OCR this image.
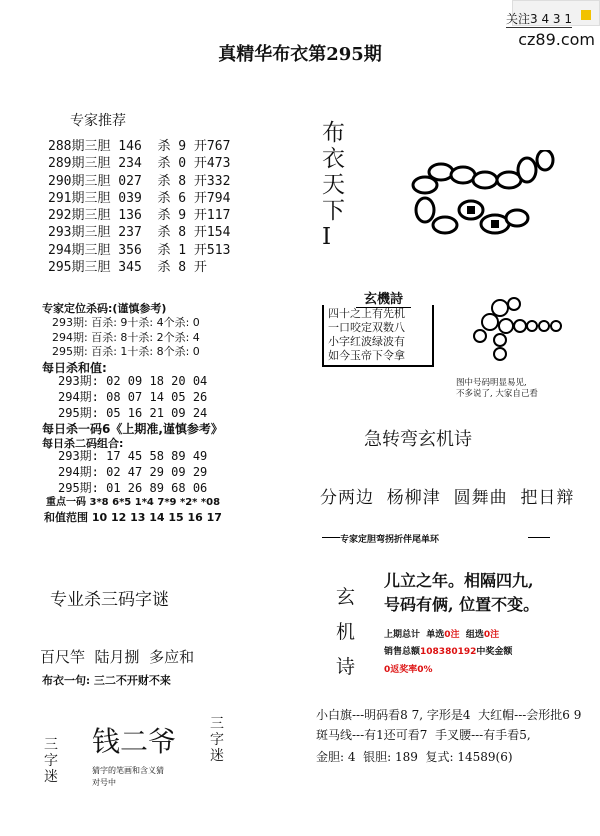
cz89.com
关注3 4 3 1
真精华布衣第295期
专家推荐
288期三胆 146  杀 9 开767
289期三胆 234  杀 0 开473
290期三胆 027  杀 8 开332
291期三胆 039  杀 6 开794
292期三胆 136  杀 9 开117
293期三胆 237  杀 8 开154
294期三胆 356  杀 1 开513
295期三胆 345  杀 8 开
专家定位杀码:(谨慎参考)
293期: 百杀: 9十杀: 4个杀: 0
294期: 百杀: 8十杀: 2个杀: 4
295期: 百杀: 1十杀: 8个杀: 0
每日杀和值:
293期: 02 09 18 20 04
294期: 08 07 14 05 26
295期: 05 16 21 09 24
每日杀一码6《上期准,谨慎参考》
每日杀二码组合:
293期: 17 45 58 89 49
294期: 02 47 29 09 29
295期: 01 26 89 68 06
重点一码 3*8 6*5 1*4 7*9 *2* *08
和值范围 10 12 13 14 15 16 17
专业杀三码字谜
百尺竿  陆月捌  多应和
布衣一句: 三二不开财不来
三字迷
钱二爷
猜字的笔画和含义猜
对号中
三字迷
布衣天下I
玄機詩
四十之上有先机
一口咬定双数八
小字红波绿波有
如今玉帝下令拿
图中号码明显易见,
不多说了, 大家自己看
急转弯玄机诗
分两边  杨柳津  圆舞曲  把日辩
专家定胆弯拐折伴尾单环
玄机诗
儿立之年。相隔四九,
号码有俩, 位置不变。
上期总计  单选0注  组选0注
销售总额108380192中奖金额
0返奖率0%
小白旗---明码看8 7, 字形是4  大红帽---会形批6 9
斑马线---有1还可看7  手叉腰---有手看5,
金胆: 4  银胆: 189  复式: 14589(6)
